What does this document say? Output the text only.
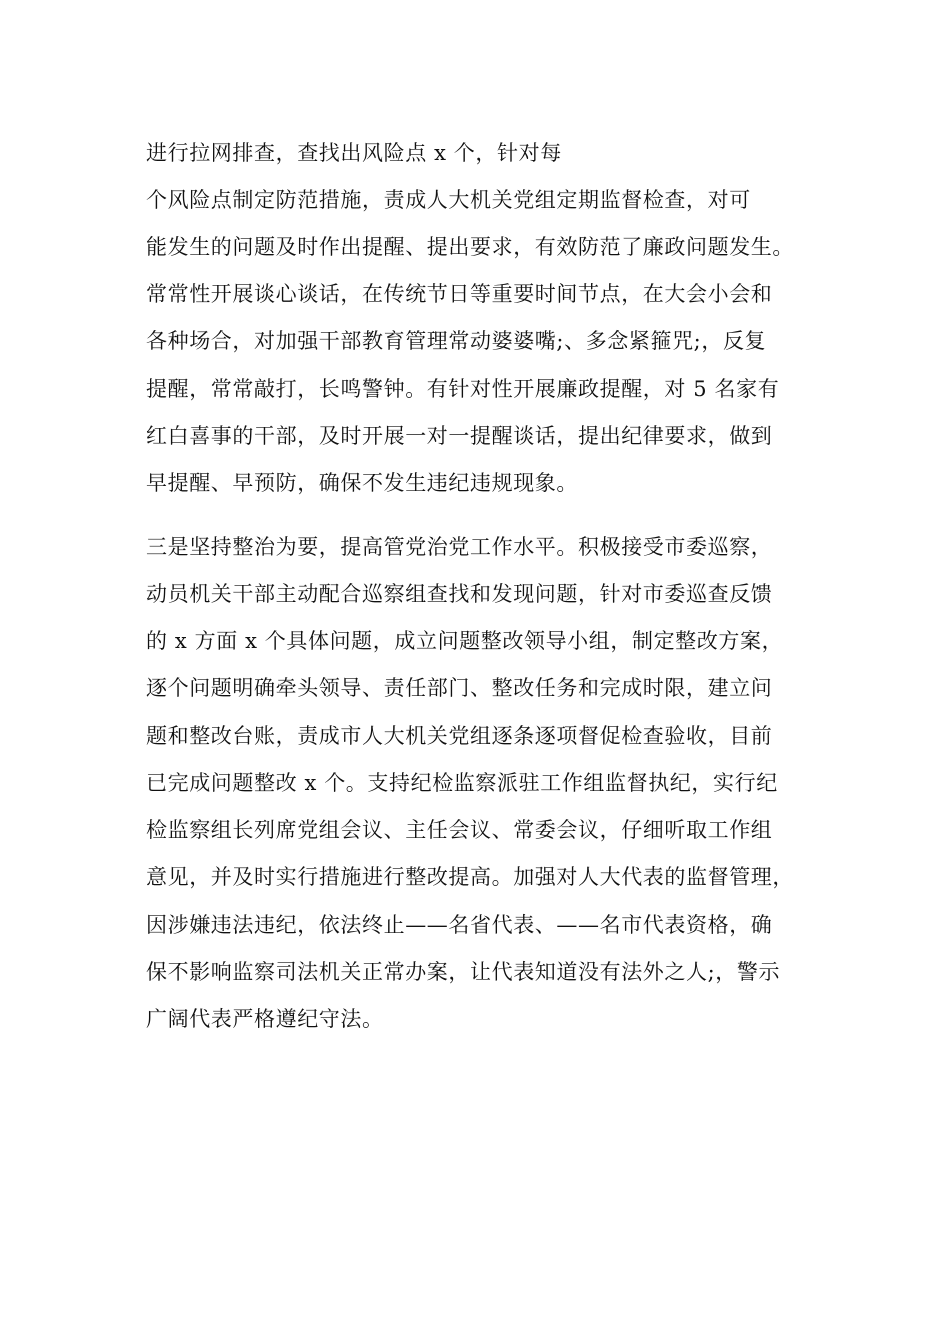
进行拉网排查，查找出风险点 x 个，针对每
个风险点制定防范措施，责成人大机关党组定期监督检查，对可
能发生的问题及时作出提醒、提出要求，有效防范了廉政问题发生。
常常性开展谈心谈话，在传统节日等重要时间节点，在大会小会和
各种场合，对加强干部教育管理常动婆婆嘴;、多念紧箍咒;，反复
提醒，常常敲打，长鸣警钟。有针对性开展廉政提醒，对 5 名家有
红白喜事的干部，及时开展一对一提醒谈话，提出纪律要求，做到
早提醒、早预防，确保不发生违纪违规现象。
三是坚持整治为要，提高管党治党工作水平。积极接受市委巡察，
动员机关干部主动配合巡察组查找和发现问题，针对市委巡查反馈
的 x 方面 x 个具体问题，成立问题整改领导小组，制定整改方案，
逐个问题明确牵头领导、责任部门、整改任务和完成时限，建立问
题和整改台账，责成市人大机关党组逐条逐项督促检查验收，目前
已完成问题整改 x 个。支持纪检监察派驻工作组监督执纪，实行纪
检监察组长列席党组会议、主任会议、常委会议，仔细听取工作组
意见，并及时实行措施进行整改提高。加强对人大代表的监督管理，
因涉嫌违法违纪，依法终止——名省代表、——名市代表资格，确
保不影响监察司法机关正常办案，让代表知道没有法外之人;，警示
广阔代表严格遵纪守法。
